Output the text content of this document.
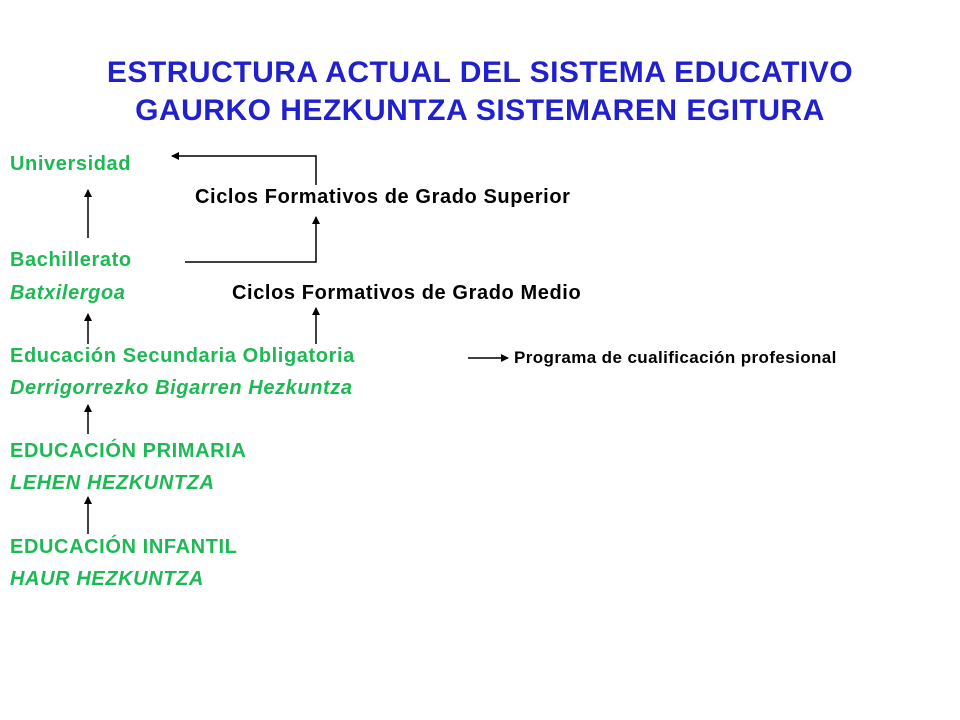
ESTRUCTURA ACTUAL DEL SISTEMA EDUCATIVO
GAURKO HEZKUNTZA SISTEMAREN EGITURA
Universidad
Ciclos Formativos de Grado Superior
Bachillerato
Batxilergoa	Ciclos Formativos de Grado Medio
Educación Secundaria Obligatoria	Programa de cualificación profesional
Derrigorrezko Bigarren Hezkuntza
EDUCACIÓN PRIMARIA
LEHEN HEZKUNTZA
EDUCACIÓN INFANTIL
HAUR HEZKUNTZA
